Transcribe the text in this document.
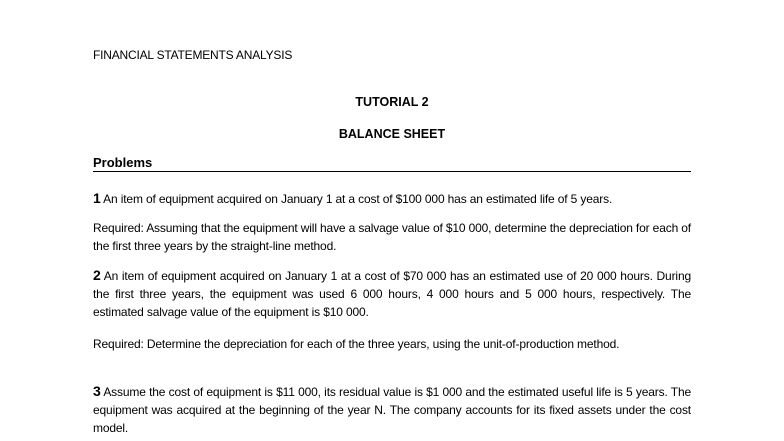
FINANCIAL STATEMENTS ANALYSIS
TUTORIAL 2
BALANCE SHEET
Problems
1 An item of equipment acquired on January 1 at a cost of $100 000 has an estimated life of 5 years.
Required: Assuming that the equipment will have a salvage value of $10 000, determine the depreciation for each of the first three years by the straight-line method.
2 An item of equipment acquired on January 1 at a cost of $70 000 has an estimated use of 20 000 hours. During the first three years, the equipment was used 6 000 hours, 4 000 hours and 5 000 hours, respectively. The estimated salvage value of the equipment is $10 000.
Required: Determine the depreciation for each of the three years, using the unit-of-production method.
3 Assume the cost of equipment is $11 000, its residual value is $1 000 and the estimated useful life is 5 years. The equipment was acquired at the beginning of the year N. The company accounts for its fixed assets under the cost model.
